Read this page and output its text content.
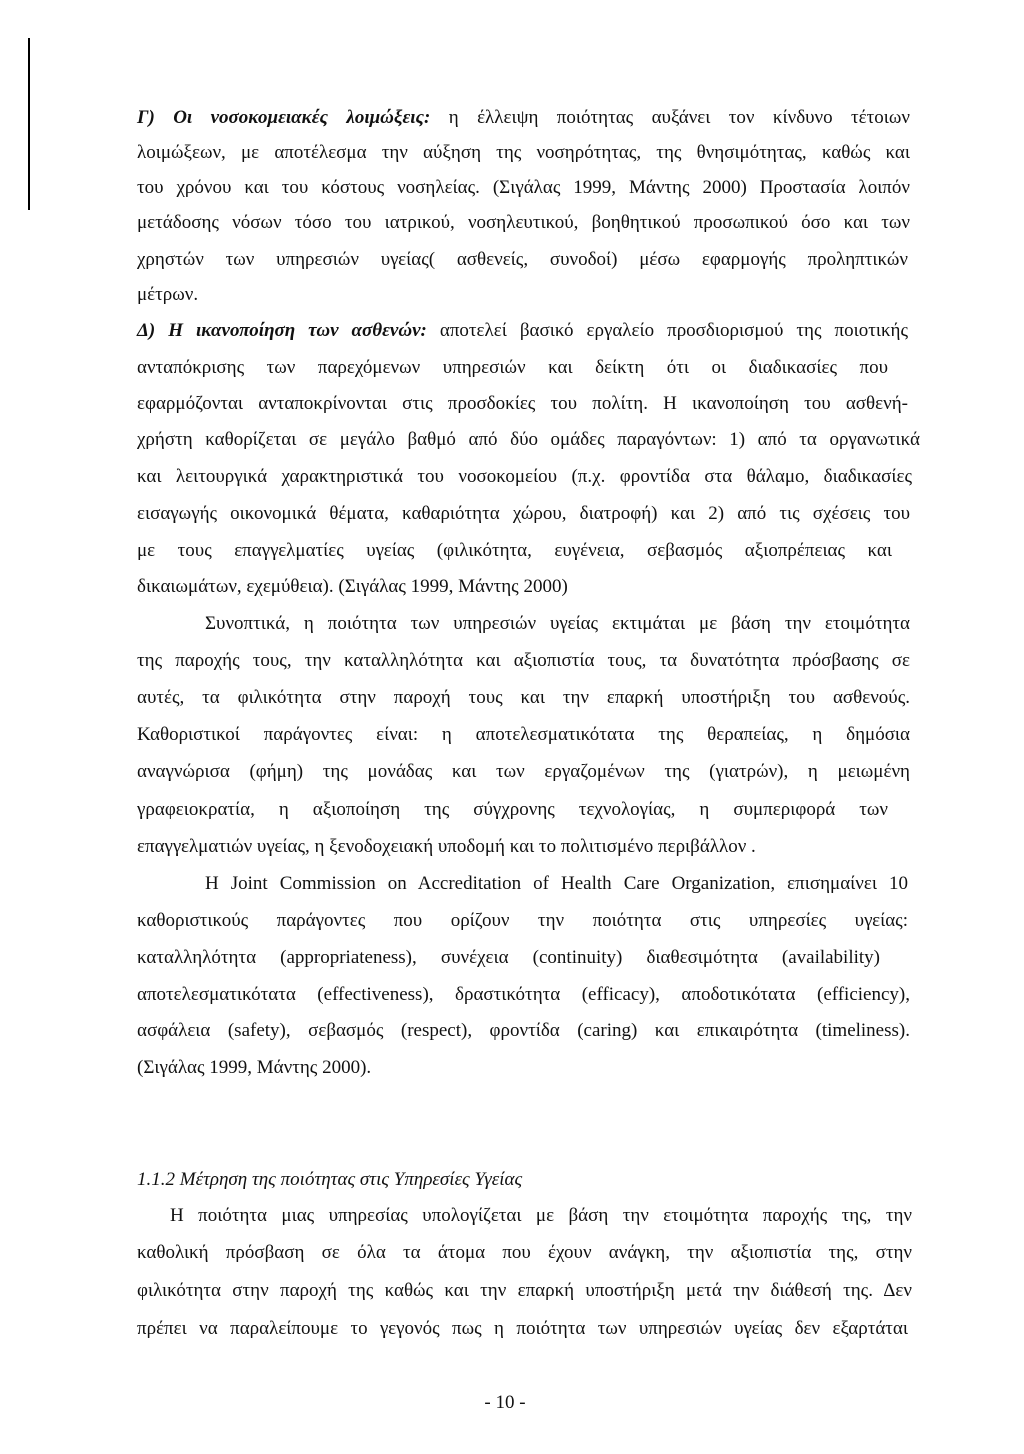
Γ) Οι νοσοκομειακές λοιμώξεις: η έλλειψη ποιότητας αυξάνει τον κίνδυνο τέτοιων
λοιμώξεων, με αποτέλεσμα την αύξηση της νοσηρότητας, της θνησιμότητας, καθώς και
του χρόνου και του κόστους νοσηλείας. (Σιγάλας 1999, Μάντης 2000) Προστασία λοιπόν
μετάδοσης νόσων τόσο του ιατρικού, νοσηλευτικού, βοηθητικού προσωπικού όσο και των
χρηστών των υπηρεσιών υγείας( ασθενείς, συνοδοί) μέσω εφαρμογής προληπτικών
μέτρων.
Δ) Η ικανοποίηση των ασθενών: αποτελεί βασικό εργαλείο προσδιορισμού της ποιοτικής
ανταπόκρισης των παρεχόμενων υπηρεσιών και δείκτη ότι οι διαδικασίες που
εφαρμόζονται ανταποκρίνονται στις προσδοκίες του πολίτη. Η ικανοποίηση του ασθενή-
χρήστη καθορίζεται σε μεγάλο βαθμό από δύο ομάδες παραγόντων: 1) από τα οργανωτικά
και λειτουργικά χαρακτηριστικά του νοσοκομείου (π.χ. φροντίδα στα θάλαμο, διαδικασίες
εισαγωγής οικονομικά θέματα, καθαριότητα χώρου, διατροφή) και 2) από τις σχέσεις του
με τους επαγγελματίες υγείας (φιλικότητα, ευγένεια, σεβασμός αξιοπρέπειας και
δικαιωμάτων, εχεμύθεια). (Σιγάλας 1999, Μάντης 2000)
Συνοπτικά, η ποιότητα των υπηρεσιών υγείας εκτιμάται με βάση την ετοιμότητα
της παροχής τους, την καταλληλότητα και αξιοπιστία τους, τα δυνατότητα πρόσβασης σε
αυτές, τα φιλικότητα στην παροχή τους και την επαρκή υποστήριξη του ασθενούς.
Καθοριστικοί παράγοντες είναι: η αποτελεσματικότατα της θεραπείας, η δημόσια
αναγνώρισα (φήμη) της μονάδας και των εργαζομένων της (γιατρών), η μειωμένη
γραφειοκρατία, η αξιοποίηση της σύγχρονης τεχνολογίας, η συμπεριφορά των
επαγγελματιών υγείας, η ξενοδοχειακή υποδομή και το πολιτισμένο περιβάλλον .
Η Joint Commission on Accreditation of Health Care Organization, επισημαίνει 10
καθοριστικούς παράγοντες που ορίζουν την ποιότητα στις υπηρεσίες υγείας:
καταλληλότητα (appropriateness), συνέχεια (continuity) διαθεσιμότητα (availability)
αποτελεσματικότατα (effectiveness), δραστικότητα (efficacy), αποδοτικότατα (efficiency),
ασφάλεια (safety), σεβασμός (respect), φροντίδα (caring) και επικαιρότητα (timeliness).
(Σιγάλας 1999, Μάντης 2000).
1.1.2 Μέτρηση της ποιότητας στις Υπηρεσίες Υγείας
Η ποιότητα μιας υπηρεσίας υπολογίζεται με βάση την ετοιμότητα παροχής της, την
καθολική πρόσβαση σε όλα τα άτομα που έχουν ανάγκη, την αξιοπιστία της, στην
φιλικότητα στην παροχή της καθώς και την επαρκή υποστήριξη μετά την διάθεσή της. Δεν
πρέπει να παραλείπουμε το γεγονός πως η ποιότητα των υπηρεσιών υγείας δεν εξαρτάται
- 10 -
